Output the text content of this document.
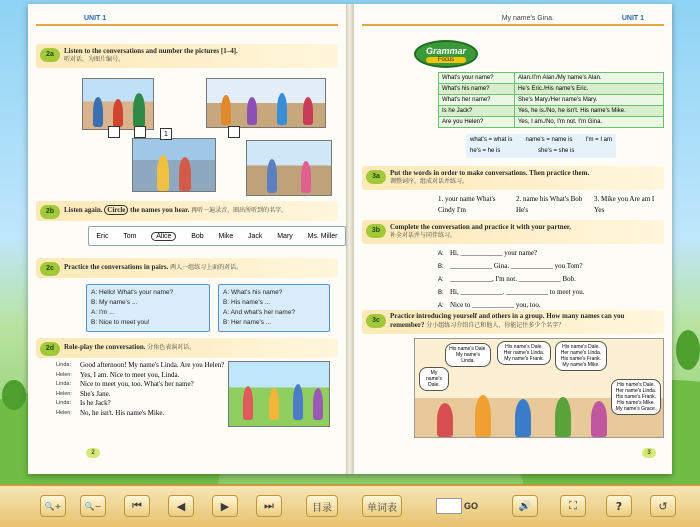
UNIT 1
2a	Listen to the conversations and number the pictures [1–4].
听对话，为图片编号。
1
2b	Listen again. Circle the names you hear. 再听一遍录音，圈出所听到的名字。
Eric Tom	Alice	Bob Mike Jack Mary Ms. Miller
2c	Practice the conversations in pairs. 两人一组练习上面的对话。
A: Hello! What's your name?
B: My name's ...
A: I'm ...
B: Nice to meet you!
A: What's his name?
B: His name's ...
A: And what's her name?
B: Her name's ...
2d	Role-play the conversation. 分角色表演对话。
Linda:	Good afternoon! My name's Linda. Are you Helen?
Helen:	Yes, I am. Nice to meet you, Linda.
Linda:	Nice to meet you, too. What's her name?
Helen:	She's Jane.
Linda:	Is he Jack?
Helen:	No, he isn't. His name's Mike.
2
My name's Gina.	UNIT 1
Grammar
Focus
What's your name?	Alan./I'm Alan./My name's Alan.
What's his name?	He's Eric./His name's Eric.
What's her name?	She's Mary./Her name's Mary.
Is he Jack?	Yes, he is./No, he isn't. His name's Mike.
Are you Helen?	Yes, I am./No, I'm not. I'm Gina.
what's = what is name's = name is I'm = I am
he's = he is	she's = she is
3a	Put the words in order to make conversations. Then practice them.
调整词序，组成对话并练习。
1. your name What's Cindy I'm
2. name his What's Bob He's
3. Mike you Are am I Yes
3b	Complete the conversation and practice it with your partner.
补全对话并与同伴练习。
A: Hi, ____________ your name?
B: ____________ Gina. ____________ you Tom?
A: ____________, I'm not. ____________ Bob.
B: Hi, ____________. ____________ to meet you.
A: Nice to ____________ you, too.
3c
Practice introducing yourself and others in a group. How many names can you remember? 分小组练习介绍自己和他人，你能记住多少个名字？
His name's Dale. My name's Linda.
His name's Dale. Her name's Linda. My name's Frank.
My name's Dale.
His name's Dale. Her name's Linda. His name's Frank. My name's Mike.
His name's Dale. Her name's Linda. His name's Frank. His name's Mike. My name's Grace.
3
🔍+	🔍−	⏮	◀	▶	⏭	目录	单词表	GO	🔊	⛶	?	↺
